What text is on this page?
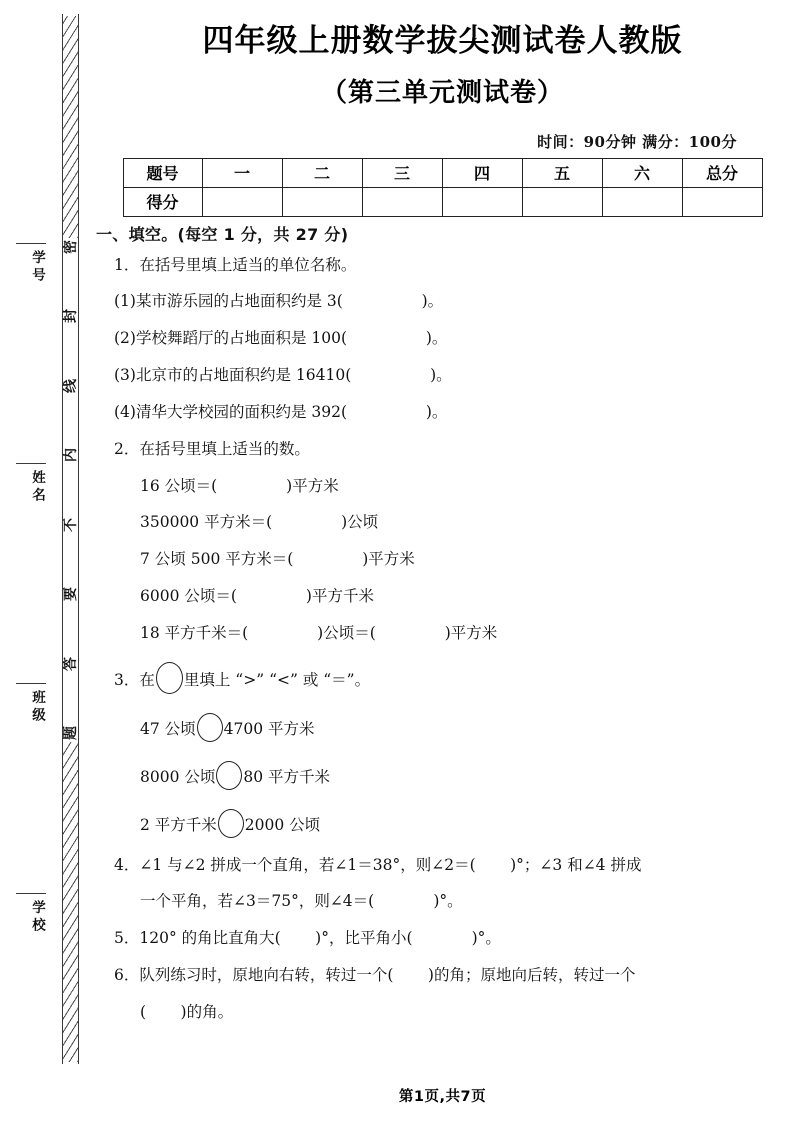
密
封
线
内
不
要
答
题
学号
姓名
班级
学校
四年级上册数学拔尖测试卷人教版
（第三单元测试卷）
时间：90分钟 满分：100分
题号	一	二	三	四	五	六	总分
得分							
一、填空。(每空 1 分，共 27 分)
1．在括号里填上适当的单位名称。
(1)某市游乐园的占地面积约是 3(                )。
(2)学校舞蹈厅的占地面积是 100(                )。
(3)北京市的占地面积约是 16410(                )。
(4)清华大学校园的面积约是 392(                )。
2．在括号里填上适当的数。
16 公顷＝(              )平方米
350000 平方米＝(              )公顷
7 公顷 500 平方米＝(              )平方米
6000 公顷＝(              )平方千米
18 平方千米＝(              )公顷＝(              )平方米
3．在 里填上 “>” “<” 或 “＝”。
47 公顷 4700 平方米
8000 公顷 80 平方千米
2 平方千米 2000 公顷
4．∠1 与∠2 拼成一个直角，若∠1＝38°，则∠2＝(       )°；∠3 和∠4 拼成
一个平角，若∠3＝75°，则∠4＝(            )°。
5．120° 的角比直角大(       )°，比平角小(            )°。
6．队列练习时，原地向右转，转过一个(       )的角；原地向后转，转过一个
(       )的角。
第1页,共7页
